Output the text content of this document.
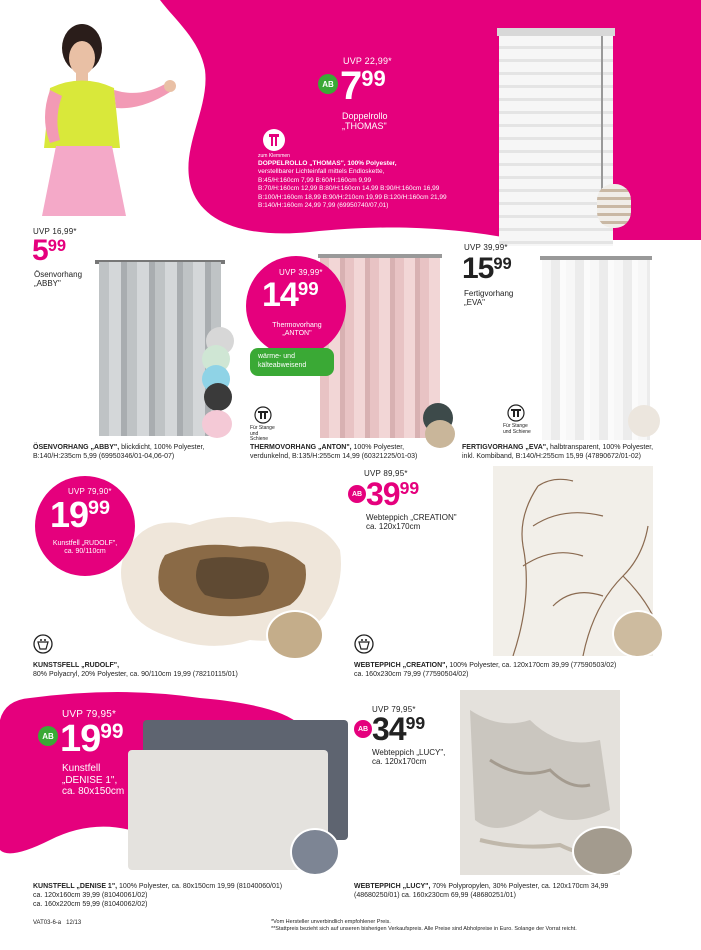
UVP 22,99*
AB $7^{99}$
Doppelrollo
„THOMAS"
zum Klemmen
DOPPELROLLO „THOMAS", 100% Polyester,
verstellbarer Lichteinfall mittels Endloskette,
B:45/H:160cm 7,99 B:60/H:160cm 9,99
B:70/H:160cm 12,99 B:80/H:160cm 14,99 B:90/H:160cm 16,99
B:100/H:160cm 18,99 B:90/H:210cm 19,99 B:120/H:160cm 21,99
B:140/H:160cm 24,99 7,99 (69950740/07,01)
UVP 16,99*
$5^{99}$
Ösenvorhang
„ABBY"
ÖSENVORHANG „ABBY", blickdicht, 100% Polyester,
B:140/H:235cm 5,99 (69950346/01-04,06-07)
UVP 39,99*
$14^{99}$
Thermovorhang
„ANTON"
wärme- und kälteabweisend
Für Stange und Schiene
THERMOVORHANG „ANTON", 100% Polyester,
verdunkelnd, B:135/H:255cm 14,99 (60321225/01-03)
UVP 39,99*
$15^{99}$
Fertigvorhang
„EVA"
Für Stange und Schiene
FERTIGVORHANG „EVA", halbtransparent, 100% Polyester,
inkl. Kombiband, B:140/H:255cm 15,99 (47890672/01-02)
UVP 79,90*
$19^{99}$
Kunstfell „RUDOLF",
ca. 90/110cm
KUNSTSFELL „RUDOLF",
80% Polyacryl, 20% Polyester, ca. 90/110cm 19,99 (78210115/01)
UVP 89,95*
AB $39^{99}$
Webteppich „CREATION"
ca. 120x170cm
WEBTEPPICH „CREATION", 100% Polyester, ca. 120x170cm 39,99 (77590503/02)
ca. 160x230cm 79,99 (77590504/02)
UVP 79,95*
AB $19^{99}$
Kunstfell
„DENISE 1",
ca. 80x150cm
KUNSTFELL „DENISE 1", 100% Polyester, ca. 80x150cm 19,99 (81040060/01)
ca. 120x160cm 39,99 (81040061/02)
ca. 160x220cm 59,99 (81040062/02)
UVP 79,95*
AB $34^{99}$
Webteppich „LUCY",
ca. 120x170cm
WEBTEPPICH „LUCY", 70% Polypropylen, 30% Polyester, ca. 120x170cm 34,99
(48680250/01) ca. 160x230cm 69,99 (48680251/01)
VAT03-6-a 12/13	*Vom Hersteller unverbindlich empfohlener Preis.
**Stattpreis bezieht sich auf unseren bisherigen Verkaufspreis. Alle Preise sind Abholpreise in Euro. Solange der Vorrat reicht.
